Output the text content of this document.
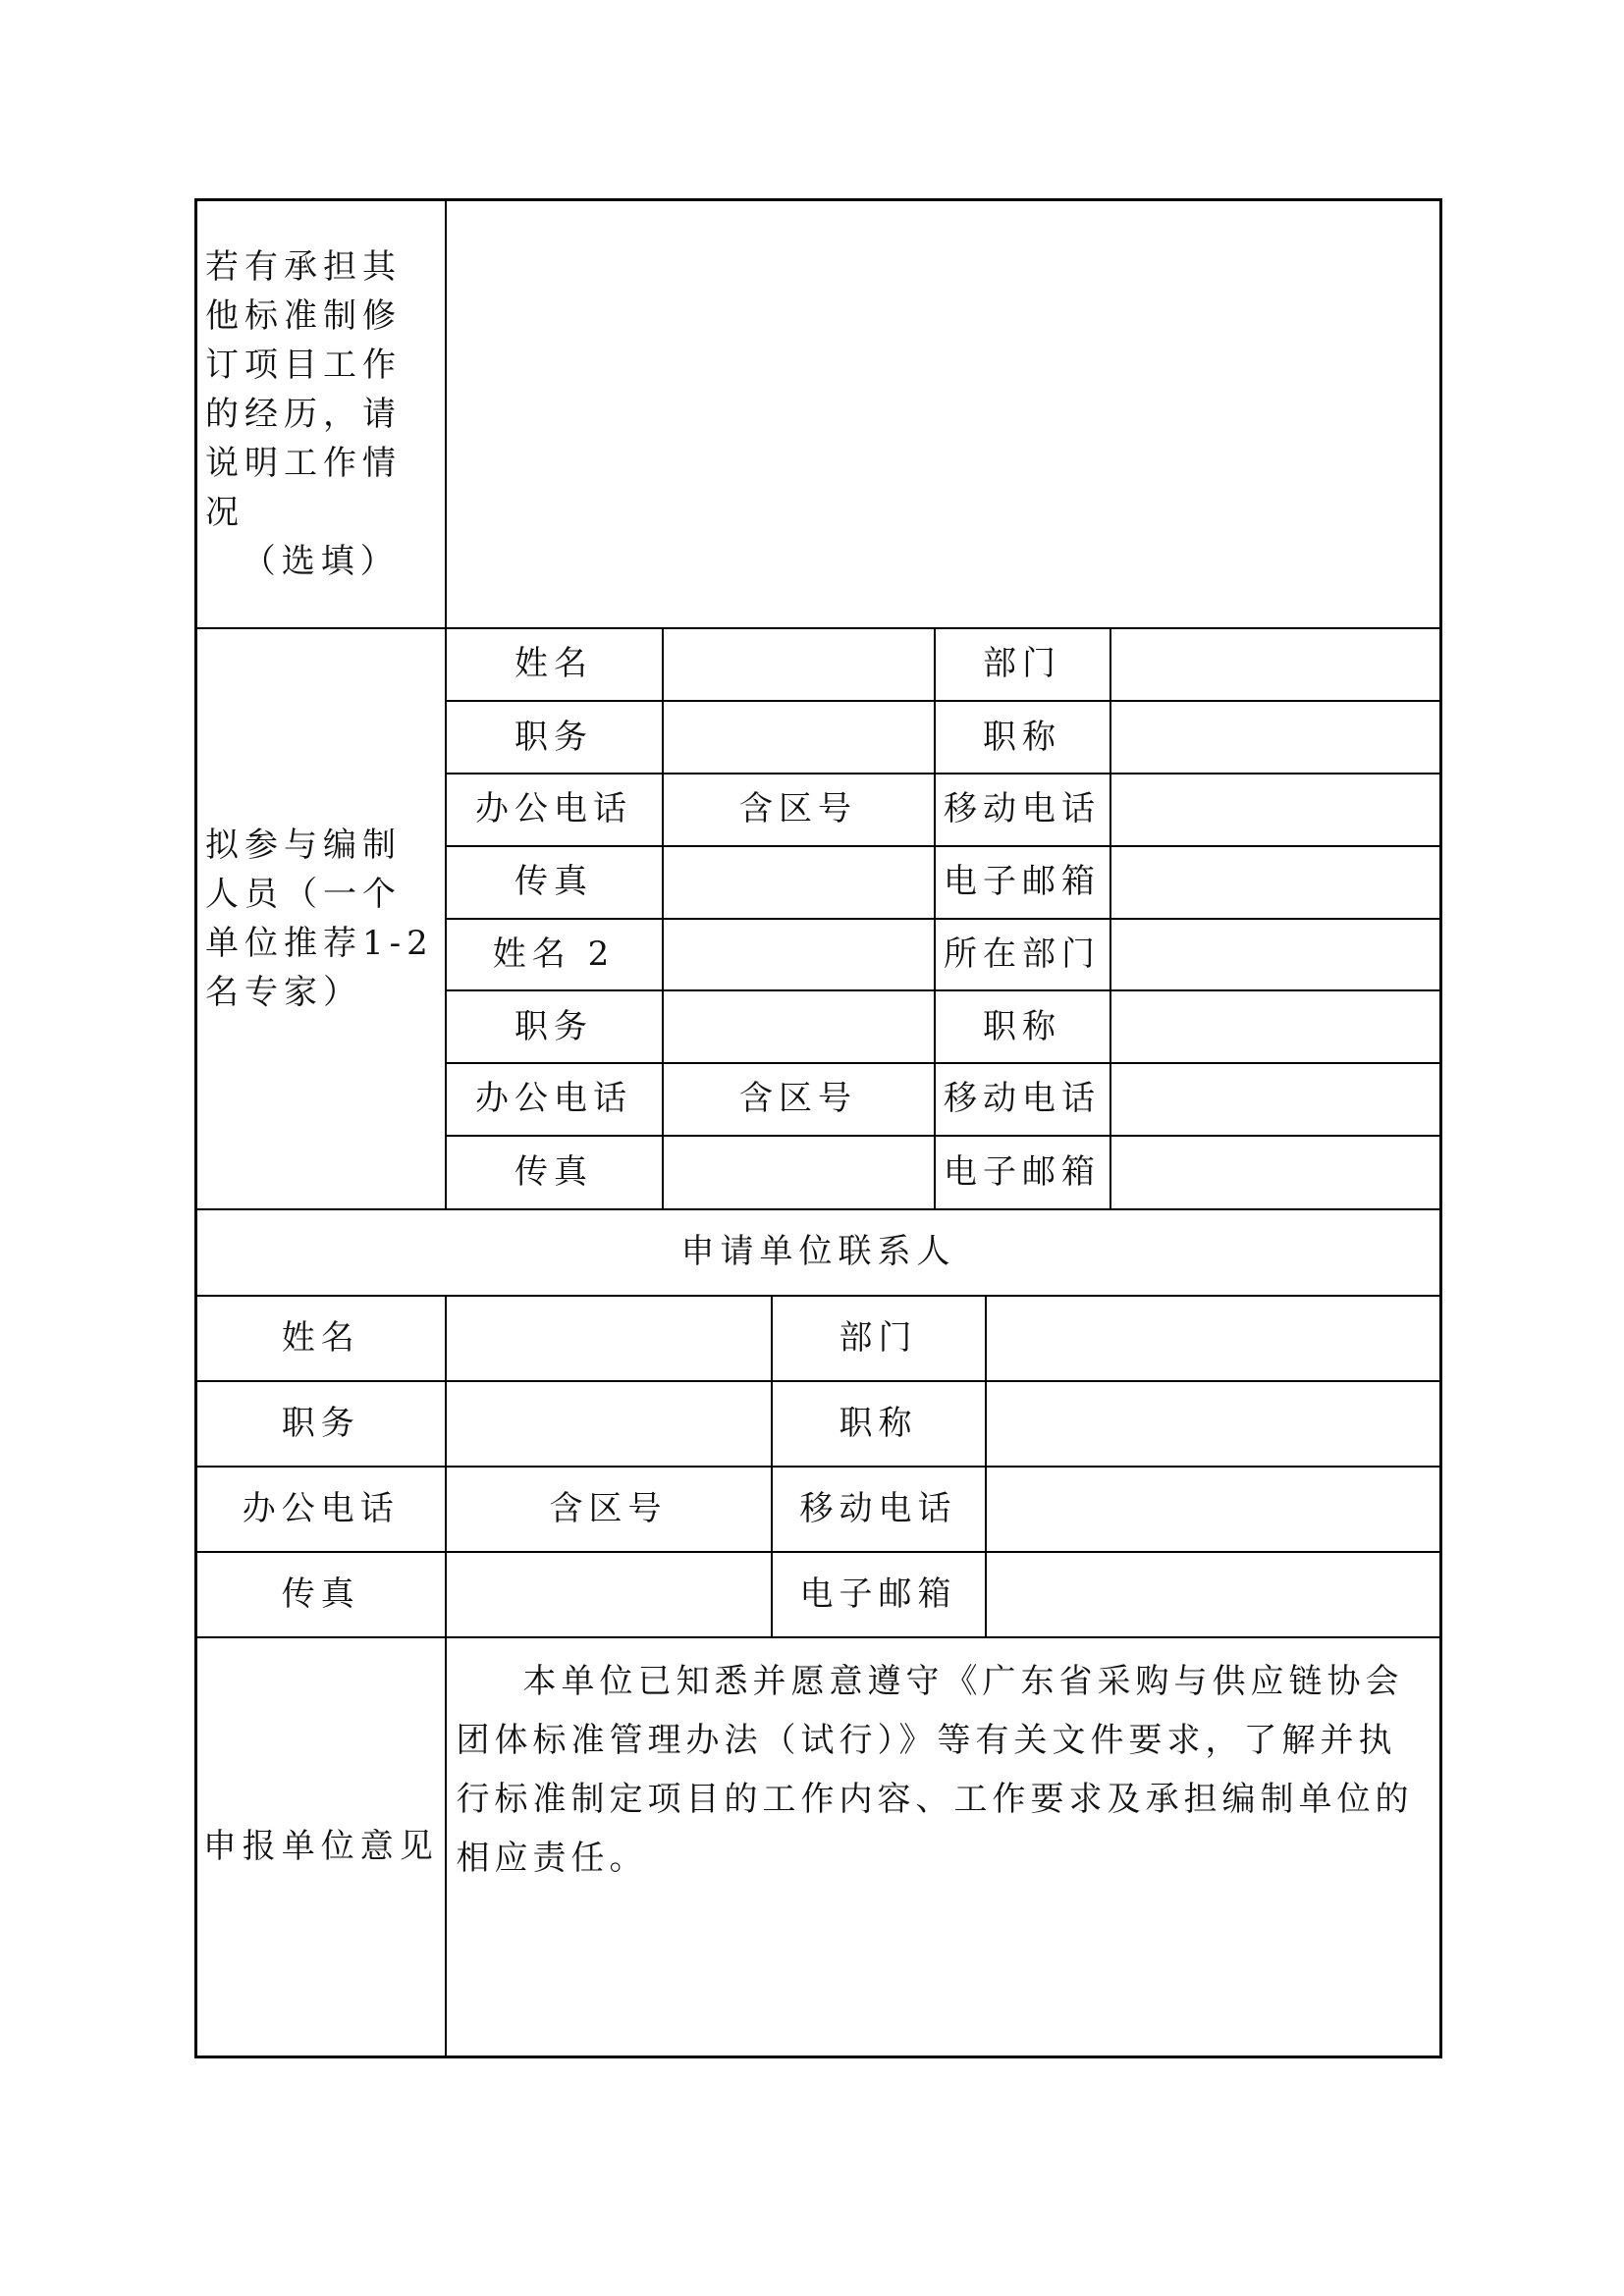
若有承担其他标准制修订项目工作的经历，请说明工作情况
（选填）

拟参与编制人员（一个单位推荐1-2名专家）

姓名		部门	
职务		职称	
办公电话	含区号	移动电话	
传真		电子邮箱	
姓名 2		所在部门	
职务		职称	
办公电话	含区号	移动电话	
传真		电子邮箱	

申请单位联系人
姓名		部门	
职务		职称	
办公电话	含区号	移动电话	
传真		电子邮箱	
申报单位意见	

本单位已知悉并愿意遵守《广东省采购与供应链协会团体标准管理办法（试行）》等有关文件要求，了解并执行标准制定项目的工作内容、工作要求及承担编制单位的相应责任。
